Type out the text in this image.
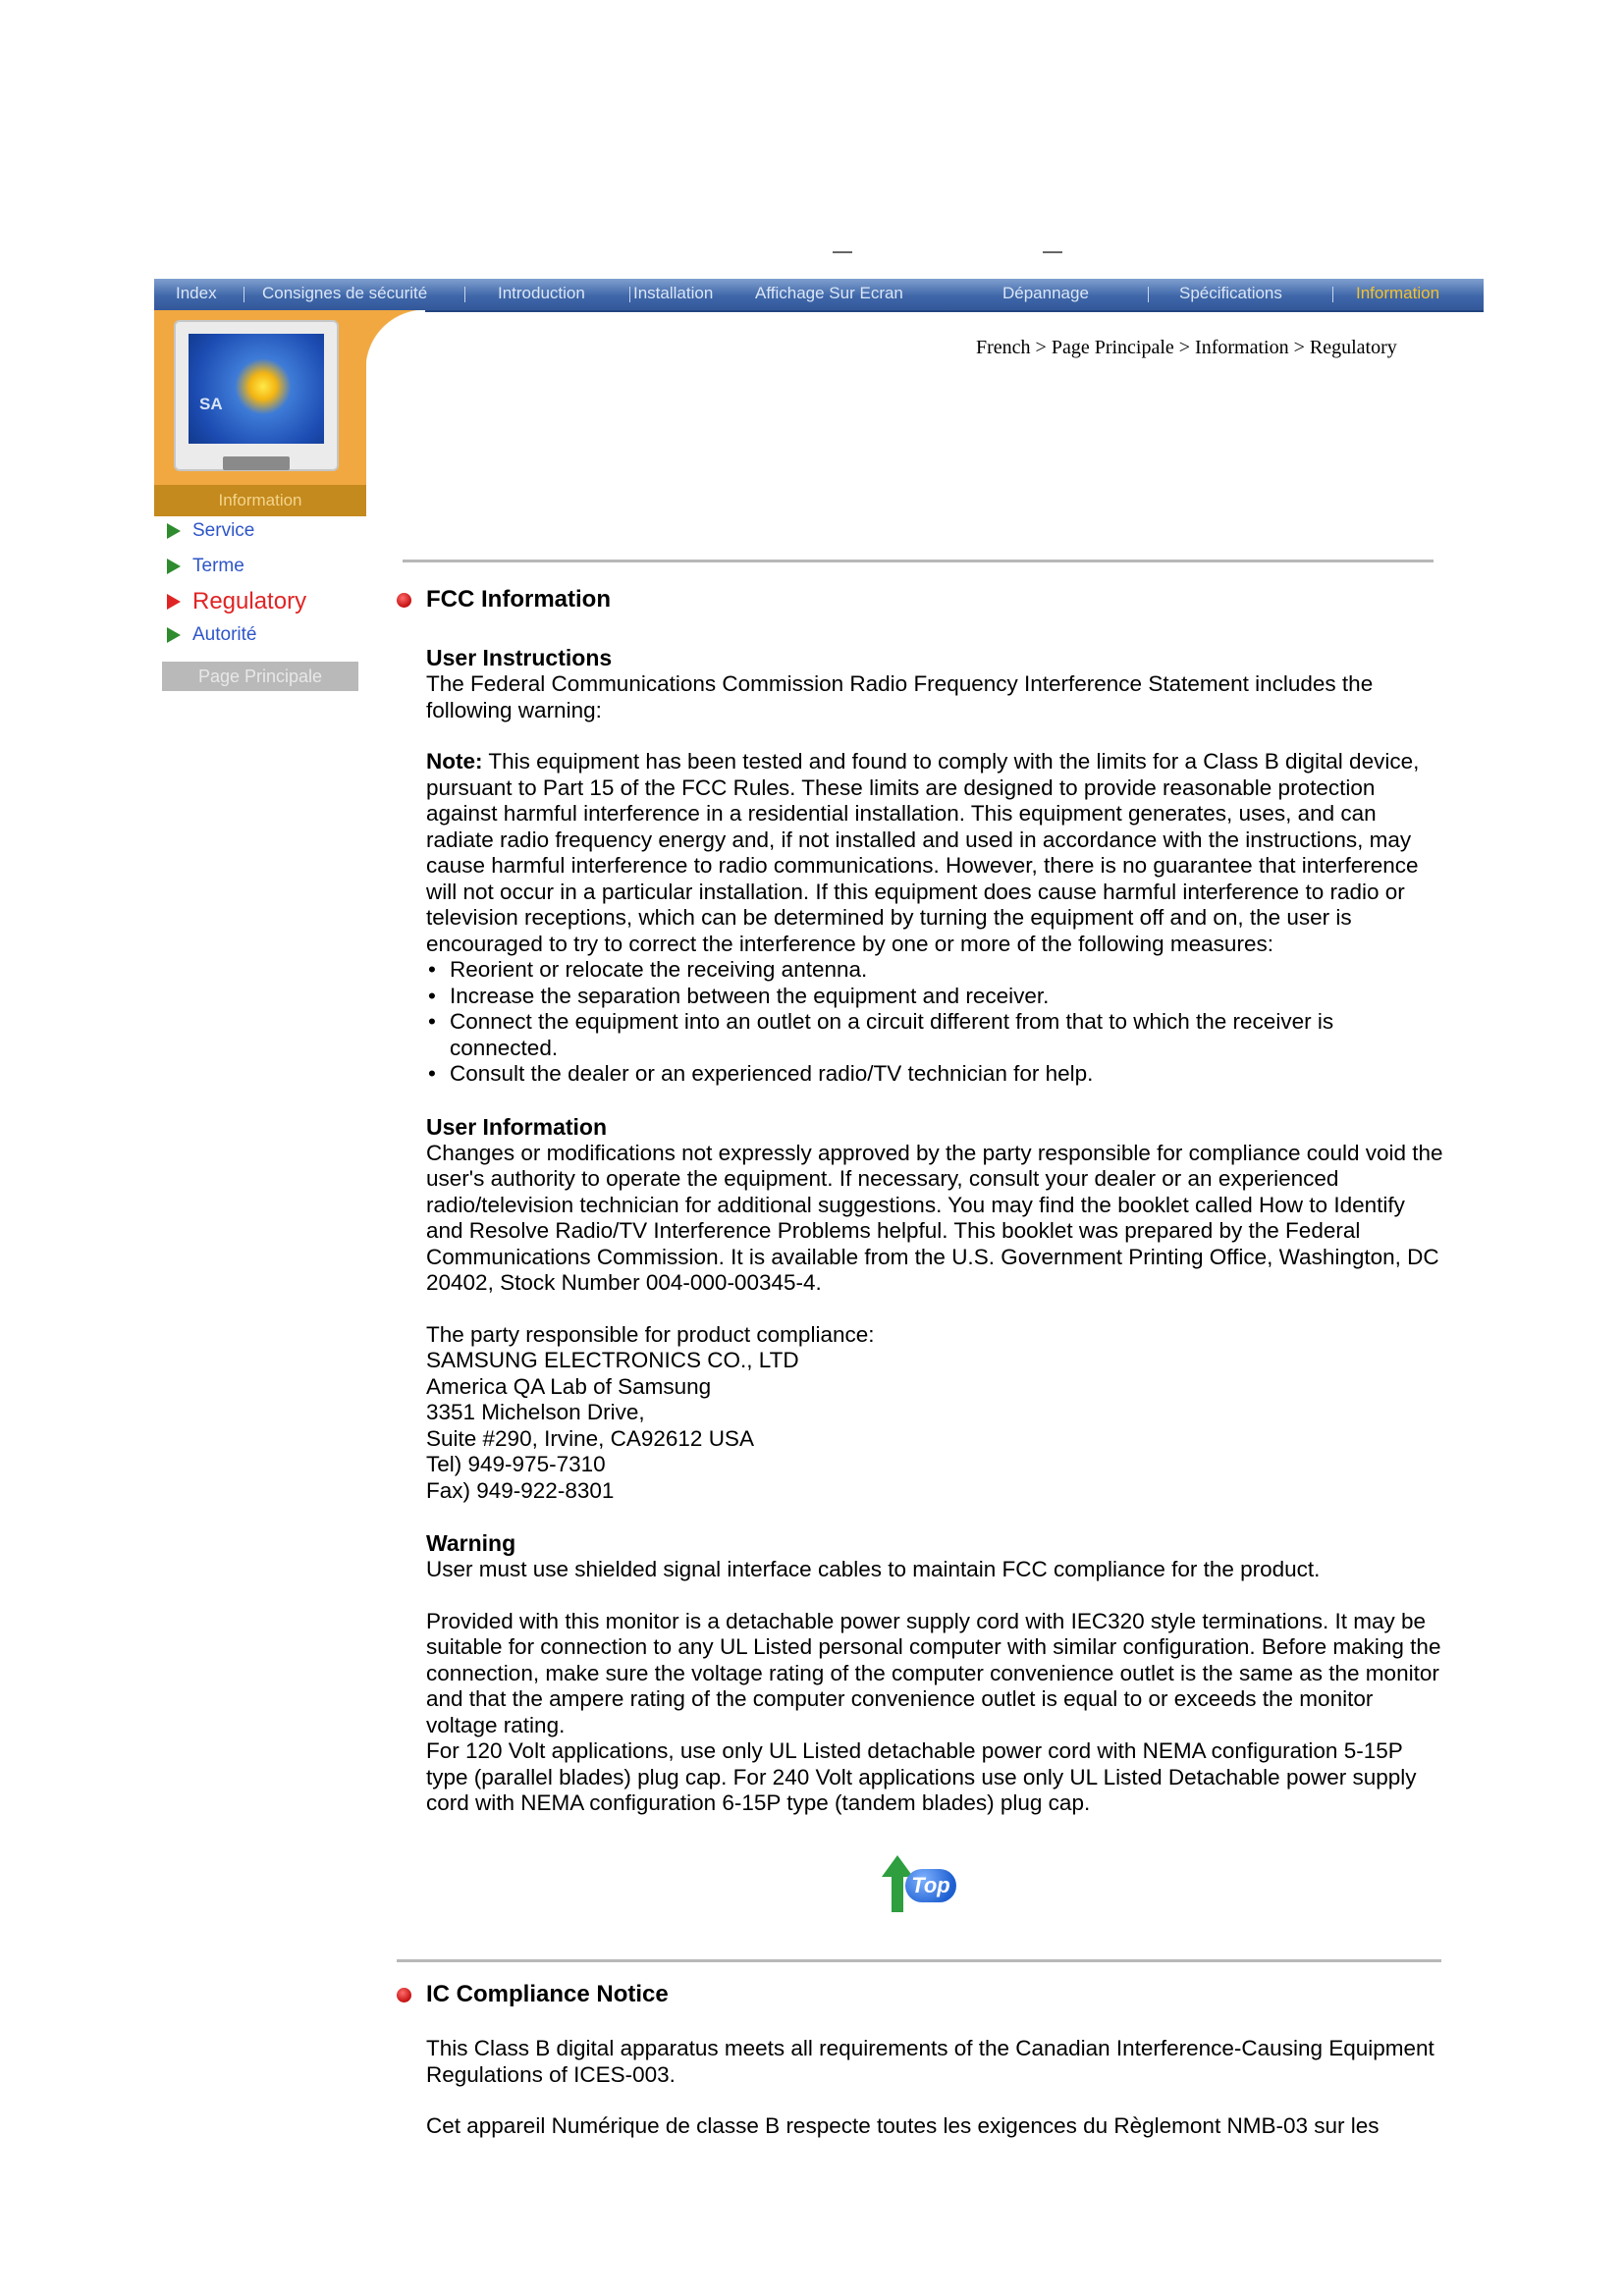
Index	Consignes de sécurité	Introduction	Installation	Affichage Sur Ecran	Dépannage	Spécifications	Information
SA
Information
Service
Terme
Regulatory
Autorité
Page Principale
French > Page Principale > Information > Regulatory
FCC Information

User Instructions

The Federal Communications Commission Radio Frequency Interference Statement includes the following warning:

Note: This equipment has been tested and found to comply with the limits for a Class B digital device, pursuant to Part 15 of the FCC Rules. These limits are designed to provide reasonable protection against harmful interference in a residential installation. This equipment generates, uses, and can radiate radio frequency energy and, if not installed and used in accordance with the instructions, may cause harmful interference to radio communications. However, there is no guarantee that interference will not occur in a particular installation. If this equipment does cause harmful interference to radio or television receptions, which can be determined by turning the equipment off and on, the user is encouraged to try to correct the interference by one or more of the following measures:

• Reorient or relocate the receiving antenna.
• Increase the separation between the equipment and receiver.
• Connect the equipment into an outlet on a circuit different from that to which the receiver is connected.
• Consult the dealer or an experienced radio/TV technician for help.

User Information

Changes or modifications not expressly approved by the party responsible for compliance could void the user's authority to operate the equipment. If necessary, consult your dealer or an experienced radio/television technician for additional suggestions. You may find the booklet called How to Identify and Resolve Radio/TV Interference Problems helpful. This booklet was prepared by the Federal Communications Commission. It is available from the U.S. Government Printing Office, Washington, DC 20402, Stock Number 004-000-00345-4.

The party responsible for product compliance:

SAMSUNG ELECTRONICS CO., LTD

America QA Lab of Samsung

3351 Michelson Drive,

Suite #290, Irvine, CA92612 USA

Tel) 949-975-7310

Fax) 949-922-8301

Warning

User must use shielded signal interface cables to maintain FCC compliance for the product.

Provided with this monitor is a detachable power supply cord with IEC320 style terminations. It may be suitable for connection to any UL Listed personal computer with similar configuration. Before making the connection, make sure the voltage rating of the computer convenience outlet is the same as the monitor and that the ampere rating of the computer convenience outlet is equal to or exceeds the monitor voltage rating.

For 120 Volt applications, use only UL Listed detachable power cord with NEMA configuration 5-15P type (parallel blades) plug cap. For 240 Volt applications use only UL Listed Detachable power supply cord with NEMA configuration 6-15P type (tandem blades) plug cap.

Top
IC Compliance Notice

This Class B digital apparatus meets all requirements of the Canadian Interference-Causing Equipment Regulations of ICES-003.

Cet appareil Numérique de classe B respecte toutes les exigences du Règlemont NMB-03 sur les
